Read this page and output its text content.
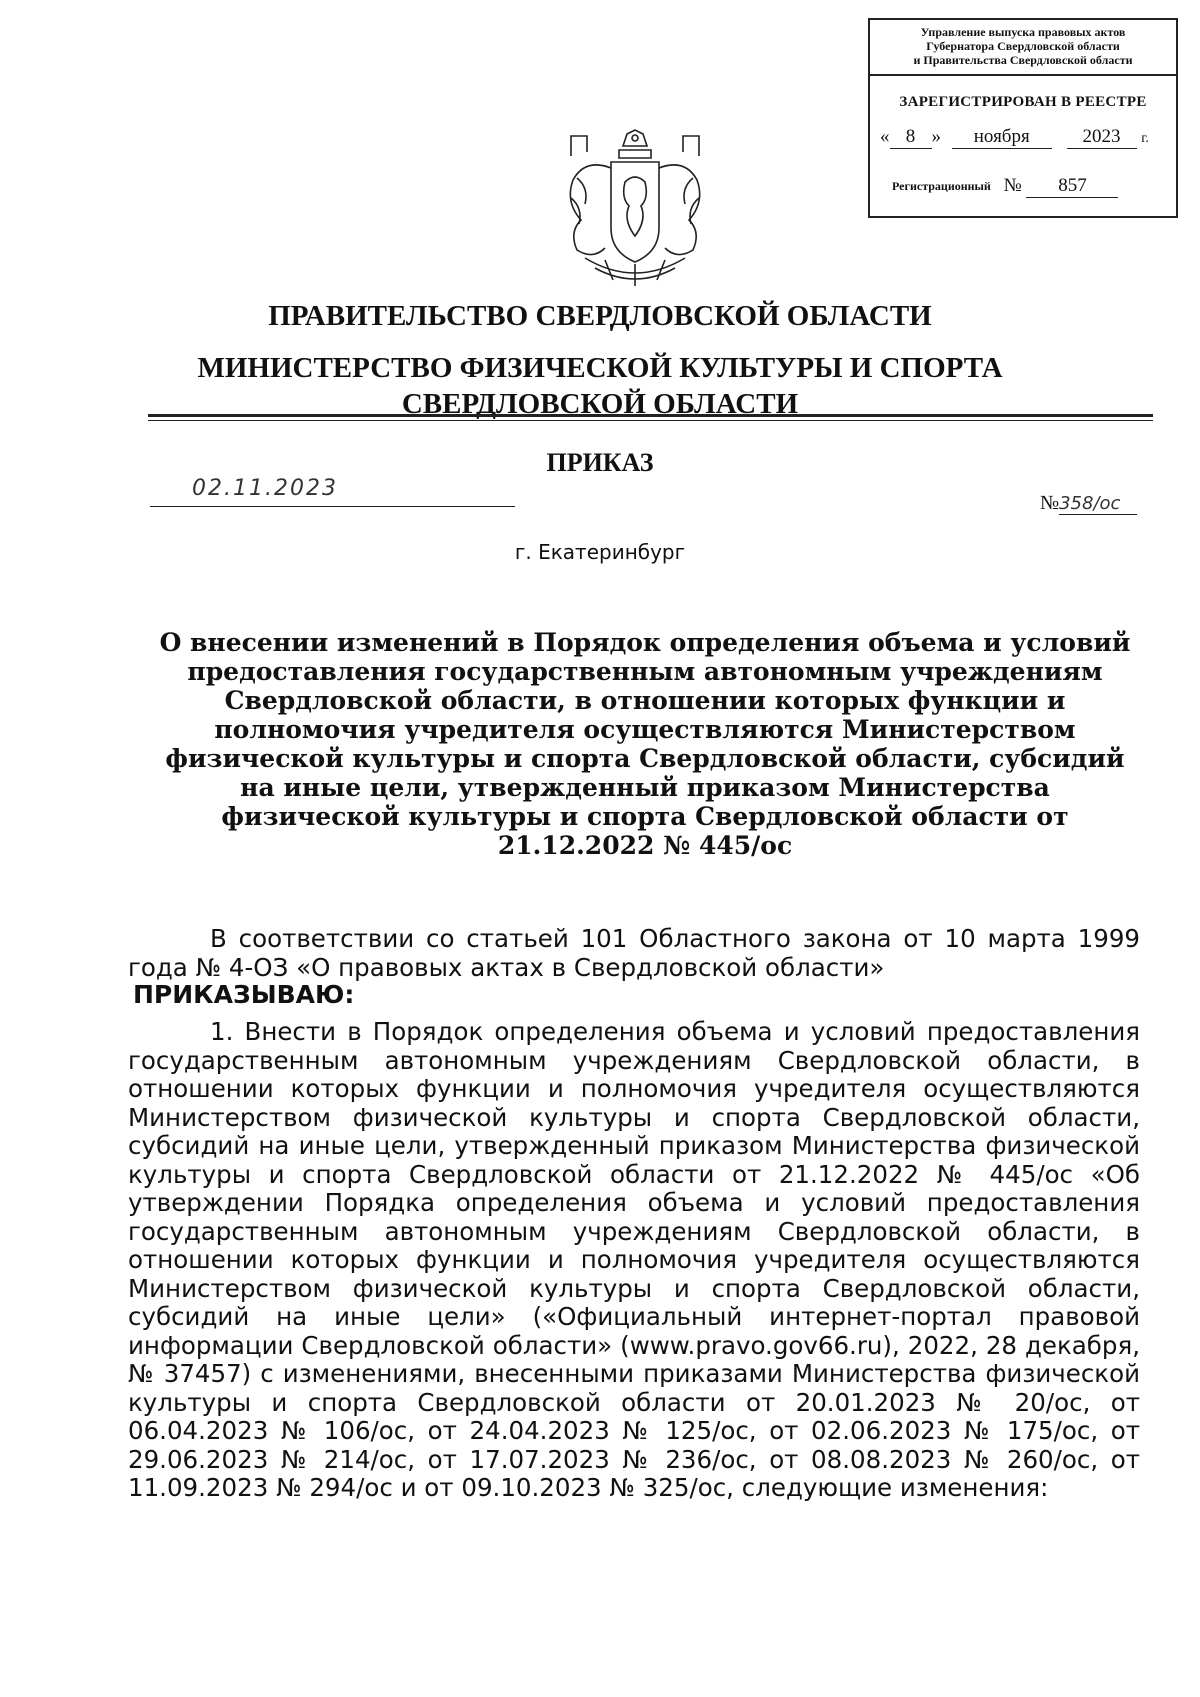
Управление выпуска правовых актов
Губернатора Свердловской области
и Правительства Свердловской области
ЗАРЕГИСТРИРОВАН В РЕЕСТРЕ
« 8 » ноября	2023 г.
Регистрационный № 857
ПРАВИТЕЛЬСТВО СВЕРДЛОВСКОЙ ОБЛАСТИ
МИНИСТЕРСТВО ФИЗИЧЕСКОЙ КУЛЬТУРЫ И СПОРТА
СВЕРДЛОВСКОЙ ОБЛАСТИ
ПРИКАЗ
02.11.2023
№358/ос
г. Екатеринбург
О внесении изменений в Порядок определения объема и условий предоставления государственным автономным учреждениям Свердловской области, в отношении которых функции и полномочия учредителя осуществляются Министерством физической культуры и спорта Свердловской области, субсидий на иные цели, утвержденный приказом Министерства физической культуры и спорта Свердловской области от 21.12.2022 № 445/ос
В соответствии со статьей 101 Областного закона от 10 марта 1999 года № 4-ОЗ «О правовых актах в Свердловской области»
ПРИКАЗЫВАЮ:
1. Внести в Порядок определения объема и условий предоставления государственным автономным учреждениям Свердловской области, в отношении которых функции и полномочия учредителя осуществляются Министерством физической культуры и спорта Свердловской области, субсидий на иные цели, утвержденный приказом Министерства физической культуры и спорта Свердловской области от 21.12.2022 № 445/ос «Об утверждении Порядка определения объема и условий предоставления государственным автономным учреждениям Свердловской области, в отношении которых функции и полномочия учредителя осуществляются Министерством физической культуры и спорта Свердловской области, субсидий на иные цели» («Официальный интернет-портал правовой информации Свердловской области» (www.pravo.gov66.ru), 2022, 28 декабря, № 37457) с изменениями, внесенными приказами Министерства физической культуры и спорта Свердловской области от 20.01.2023 № 20/ос, от 06.04.2023 № 106/ос, от 24.04.2023 № 125/ос, от 02.06.2023 № 175/ос, от 29.06.2023 № 214/ос, от 17.07.2023 № 236/ос, от 08.08.2023 № 260/ос, от 11.09.2023 № 294/ос и от 09.10.2023 № 325/ос, следующие изменения:
